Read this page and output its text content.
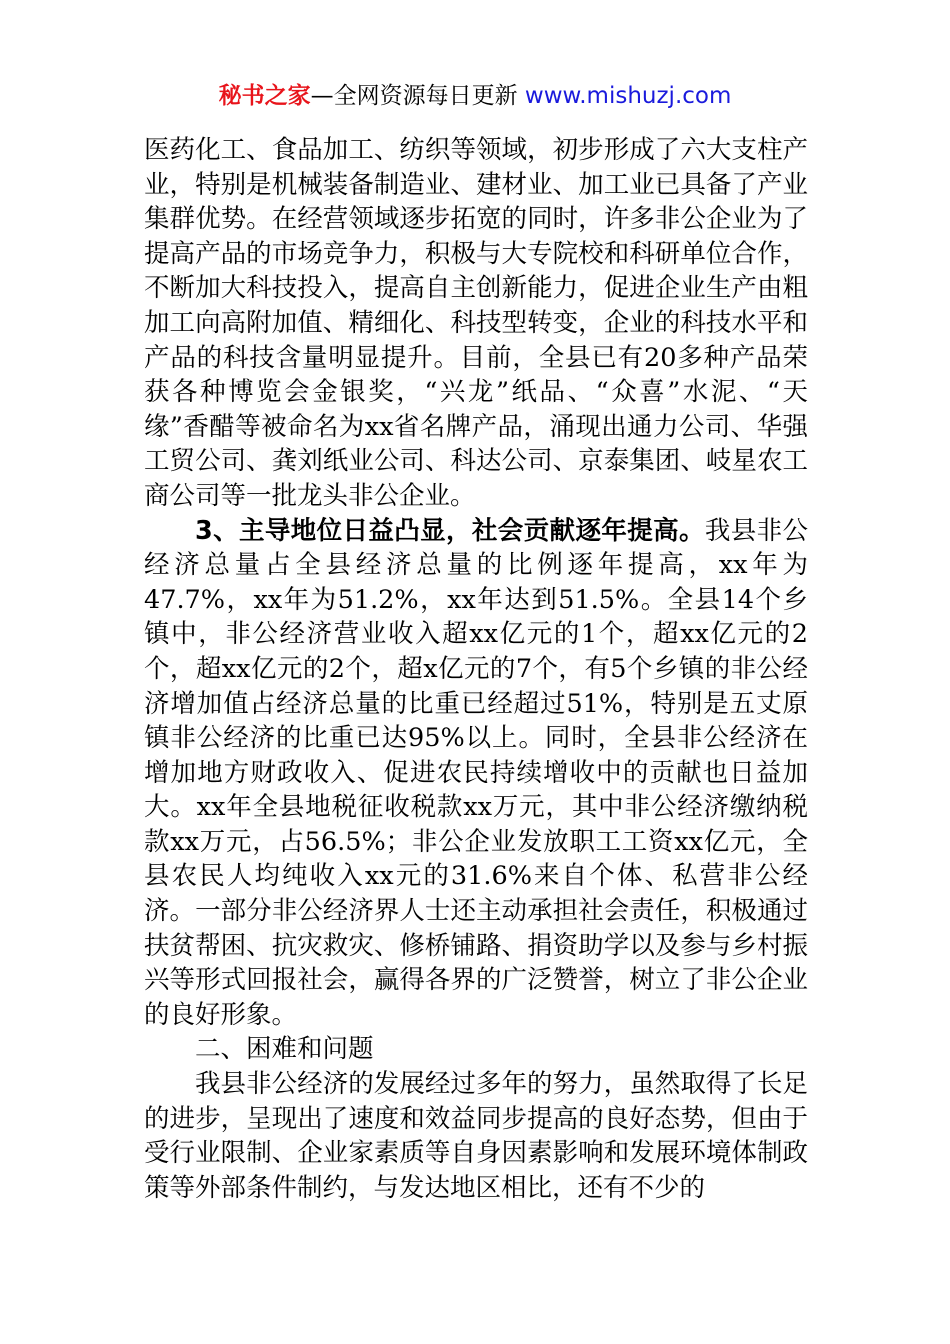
秘书之家—全网资源每日更新 www.mishuzj.com

医药化工、食品加工、纺织等领域，初步形成了六大支柱产业，特别是机械装备制造业、建材业、加工业已具备了产业集群优势。在经营领域逐步拓宽的同时，许多非公企业为了提高产品的市场竞争力，积极与大专院校和科研单位合作，不断加大科技投入，提高自主创新能力，促进企业生产由粗加工向高附加值、精细化、科技型转变，企业的科技水平和产品的科技含量明显提升。目前，全县已有20多种产品荣获各种博览会金银奖，“兴龙”纸品、“众喜”水泥、“天缘”香醋等被命名为xx省名牌产品，涌现出通力公司、华强工贸公司、龚刘纸业公司、科达公司、京泰集团、岐星农工商公司等一批龙头非公企业。

3、主导地位日益凸显，社会贡献逐年提高。我县非公经济总量占全县经济总量的比例逐年提高，xx年为47.7%，xx年为51.2%，xx年达到51.5%。全县14个乡镇中，非公经济营业收入超xx亿元的1个，超xx亿元的2个，超xx亿元的2个，超x亿元的7个，有5个乡镇的非公经济增加值占经济总量的比重已经超过51%，特别是五丈原镇非公经济的比重已达95%以上。同时，全县非公经济在增加地方财政收入、促进农民持续增收中的贡献也日益加大。xx年全县地税征收税款xx万元，其中非公经济缴纳税款xx万元，占56.5%；非公企业发放职工工资xx亿元，全县农民人均纯收入xx元的31.6%来自个体、私营非公经济。一部分非公经济界人士还主动承担社会责任，积极通过扶贫帮困、抗灾救灾、修桥铺路、捐资助学以及参与乡村振兴等形式回报社会，赢得各界的广泛赞誉，树立了非公企业的良好形象。

二、困难和问题

我县非公经济的发展经过多年的努力，虽然取得了长足的进步，呈现出了速度和效益同步提高的良好态势，但由于受行业限制、企业家素质等自身因素影响和发展环境体制政策等外部条件制约，与发达地区相比，还有不少的
